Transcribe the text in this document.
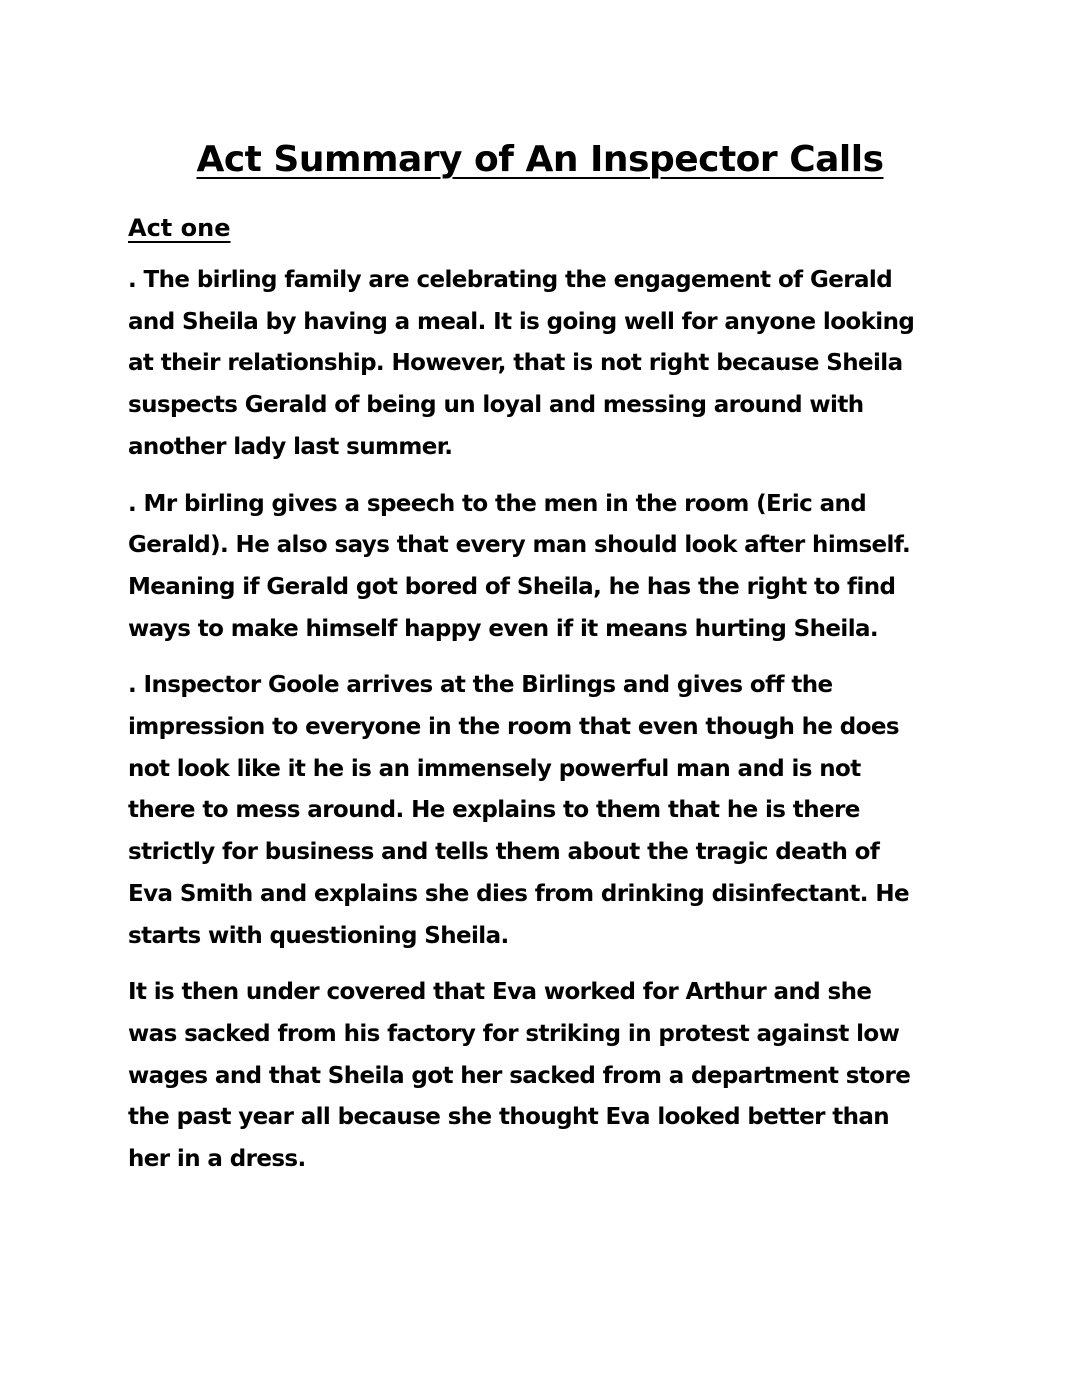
Act Summary of An Inspector Calls
Act one

. The birling family are celebrating the engagement of Gerald
and Sheila by having a meal. It is going well for anyone looking
at their relationship. However, that is not right because Sheila
suspects Gerald of being un loyal and messing around with
another lady last summer.

. Mr birling gives a speech to the men in the room (Eric and
Gerald). He also says that every man should look after himself.
Meaning if Gerald got bored of Sheila, he has the right to find
ways to make himself happy even if it means hurting Sheila.

. Inspector Goole arrives at the Birlings and gives off the
impression to everyone in the room that even though he does
not look like it he is an immensely powerful man and is not
there to mess around. He explains to them that he is there
strictly for business and tells them about the tragic death of
Eva Smith and explains she dies from drinking disinfectant. He
starts with questioning Sheila.

It is then under covered that Eva worked for Arthur and she
was sacked from his factory for striking in protest against low
wages and that Sheila got her sacked from a department store
the past year all because she thought Eva looked better than
her in a dress.
